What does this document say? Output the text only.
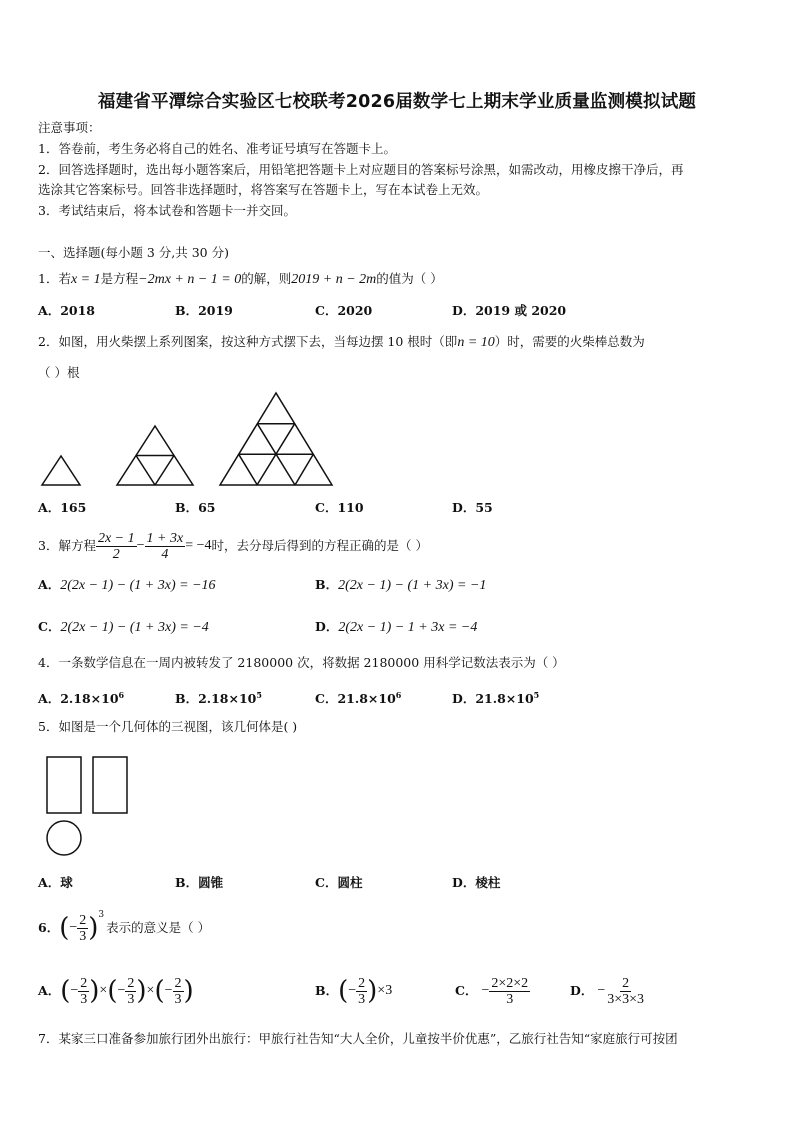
福建省平潭综合实验区七校联考2026届数学七上期末学业质量监测模拟试题
注意事项：
1．答卷前，考生务必将自己的姓名、准考证号填写在答题卡上。
2．回答选择题时，选出每小题答案后，用铅笔把答题卡上对应题目的答案标号涂黑，如需改动，用橡皮擦干净后，再
选涂其它答案标号。回答非选择题时，将答案写在答题卡上，写在本试卷上无效。
3．考试结束后，将本试卷和答题卡一并交回。
一、选择题(每小题 3 分,共 30 分)
1．若x = 1是方程−2mx + n − 1 = 0的解，则2019 + n − 2m的值为（ ）
A．2018	B．2019	C．2020	D．2019 或 2020
2．如图，用火柴摆上系列图案，按这种方式摆下去，当每边摆 10 根时（即n = 10）时，需要的火柴棒总数为
（ ）根
A．165	B．65	C．110	D．55
3．解方程 $\frac{2x - 1}{2} - \frac{1 + 3x}{4} = -4$ 时，去分母后得到的方程正确的是（ ）
A．2(2x − 1) − (1 + 3x) = −16	B．2(2x − 1) − (1 + 3x) = −1
C．2(2x − 1) − (1 + 3x) = −4	D．2(2x − 1) − 1 + 3x = −4
4．一条数学信息在一周内被转发了 2180000 次，将数据 2180000 用科学记数法表示为（ ）
A．$2.18\times 10^6$	B．$2.18\times 10^5$	C．$21.8\times 10^6$	D．$21.8\times 10^5$
5．如图是一个几何体的三视图，该几何体是( )
A．球	B．圆锥	C．圆柱	D．棱柱
6． ( − $\frac{2}{3} )^3$
表示的意义是（ ）
A． ( − $\frac{2}{3}$ ) × ( − $\frac{2}{3}$ ) × ( − $\frac{2}{3}$ )	B． ( − $\frac{2}{3}$ ) ×3	C． − $\frac{2\times 2\times 2}{3}$	D． − $\frac{2}{3\times 3\times 3}$
7．某家三口准备参加旅行团外出旅行：甲旅行社告知“大人全价，儿童按半价优惠”，乙旅行社告知“家庭旅行可按团
